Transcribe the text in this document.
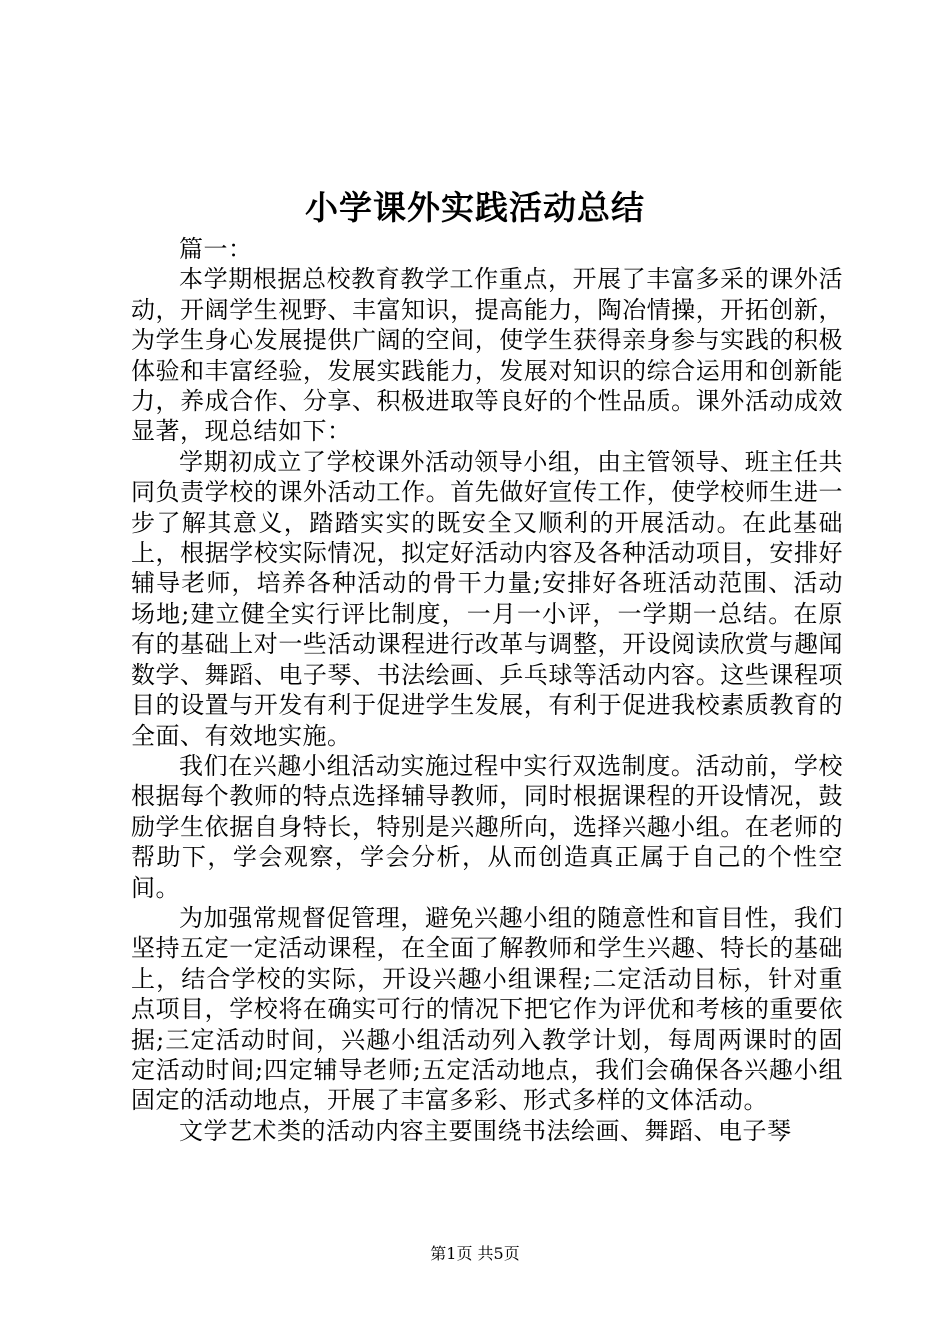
小学课外实践活动总结

篇一：

本学期根据总校教育教学工作重点，开展了丰富多采的课外活动，开阔学生视野、丰富知识，提高能力，陶冶情操，开拓创新，为学生身心发展提供广阔的空间，使学生获得亲身参与实践的积极体验和丰富经验，发展实践能力，发展对知识的综合运用和创新能力，养成合作、分享、积极进取等良好的个性品质。课外活动成效显著，现总结如下：

学期初成立了学校课外活动领导小组，由主管领导、班主任共同负责学校的课外活动工作。首先做好宣传工作，使学校师生进一步了解其意义，踏踏实实的既安全又顺利的开展活动。在此基础上，根据学校实际情况，拟定好活动内容及各种活动项目，安排好辅导老师，培养各种活动的骨干力量;安排好各班活动范围、活动场地;建立健全实行评比制度，一月一小评，一学期一总结。在原有的基础上对一些活动课程进行改革与调整，开设阅读欣赏与趣闻数学、舞蹈、电子琴、书法绘画、乒乓球等活动内容。这些课程项目的设置与开发有利于促进学生发展，有利于促进我校素质教育的全面、有效地实施。

我们在兴趣小组活动实施过程中实行双选制度。活动前，学校根据每个教师的特点选择辅导教师，同时根据课程的开设情况，鼓励学生依据自身特长，特别是兴趣所向，选择兴趣小组。在老师的帮助下，学会观察，学会分析，从而创造真正属于自己的个性空间。

为加强常规督促管理，避免兴趣小组的随意性和盲目性，我们坚持五定一定活动课程，在全面了解教师和学生兴趣、特长的基础上，结合学校的实际，开设兴趣小组课程;二定活动目标，针对重点项目，学校将在确实可行的情况下把它作为评优和考核的重要依据;三定活动时间，兴趣小组活动列入教学计划，每周两课时的固定活动时间;四定辅导老师;五定活动地点，我们会确保各兴趣小组固定的活动地点，开展了丰富多彩、形式多样的文体活动。

文学艺术类的活动内容主要围绕书法绘画、舞蹈、电子琴

第1页 共5页
